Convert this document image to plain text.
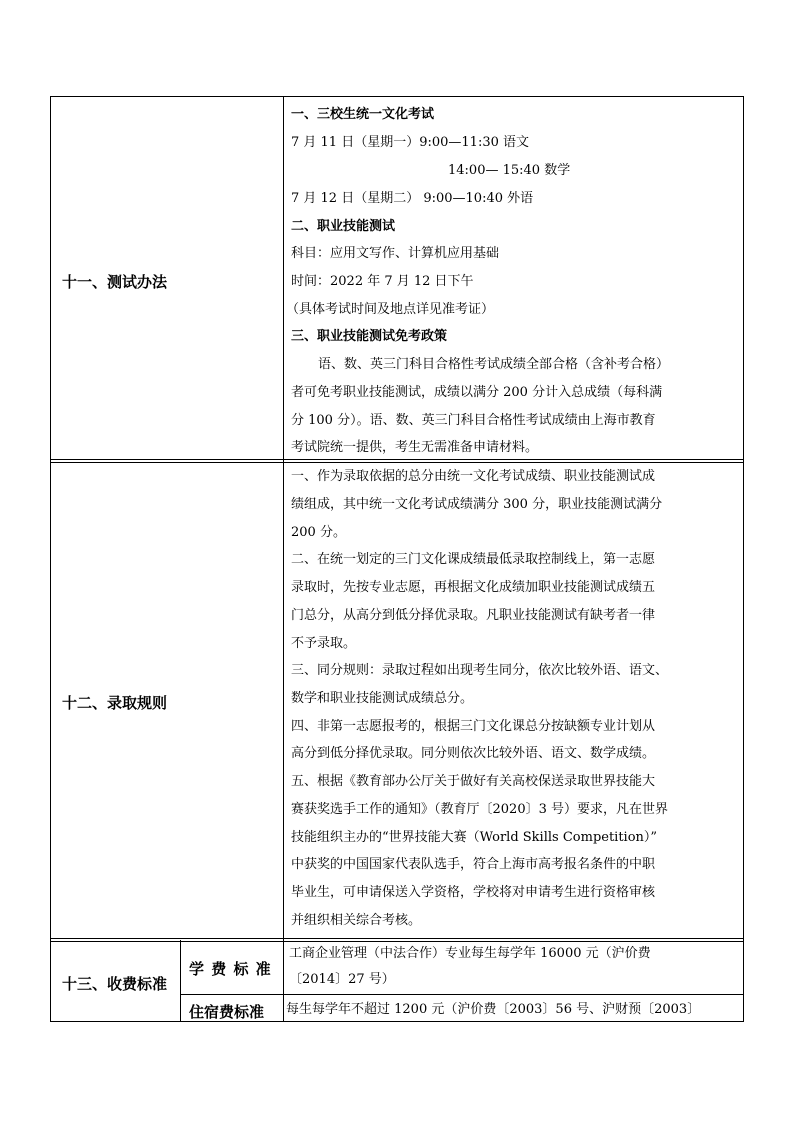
十一、测试办法
一、三校生统一文化考试
7 月 11 日（星期一）9:00—11:30 语文
14:00— 15:40 数学
7 月 12 日（星期二） 9:00—10:40 外语
二、职业技能测试
科目：应用文写作、计算机应用基础
时间：2022 年 7 月 12 日下午
（具体考试时间及地点详见准考证）
三、职业技能测试免考政策
语、数、英三门科目合格性考试成绩全部合格（含补考合格）
者可免考职业技能测试，成绩以满分 200 分计入总成绩（每科满
分 100 分）。语、数、英三门科目合格性考试成绩由上海市教育
考试院统一提供，考生无需准备申请材料。
十二、录取规则
一、作为录取依据的总分由统一文化考试成绩、职业技能测试成
绩组成，其中统一文化考试成绩满分 300 分，职业技能测试满分
200 分。
二、在统一划定的三门文化课成绩最低录取控制线上，第一志愿
录取时，先按专业志愿，再根据文化成绩加职业技能测试成绩五
门总分，从高分到低分择优录取。凡职业技能测试有缺考者一律
不予录取。
三、同分规则：录取过程如出现考生同分，依次比较外语、语文、
数学和职业技能测试成绩总分。
四、非第一志愿报考的，根据三门文化课总分按缺额专业计划从
高分到低分择优录取。同分则依次比较外语、语文、数学成绩。
五、根据《教育部办公厅关于做好有关高校保送录取世界技能大
赛获奖选手工作的通知》（教育厅〔2020〕3 号）要求，凡在世界
技能组织主办的“世界技能大赛（World Skills Competition）”
中获奖的中国国家代表队选手，符合上海市高考报名条件的中职
毕业生，可申请保送入学资格，学校将对申请考生进行资格审核
并组织相关综合考核。
十三、收费标准
学 费 标 准
住宿费标准
工商企业管理（中法合作）专业每生每学年 16000 元（沪价费
〔2014〕27 号）
每生每学年不超过 1200 元（沪价费〔2003〕56 号、沪财预〔2003〕
